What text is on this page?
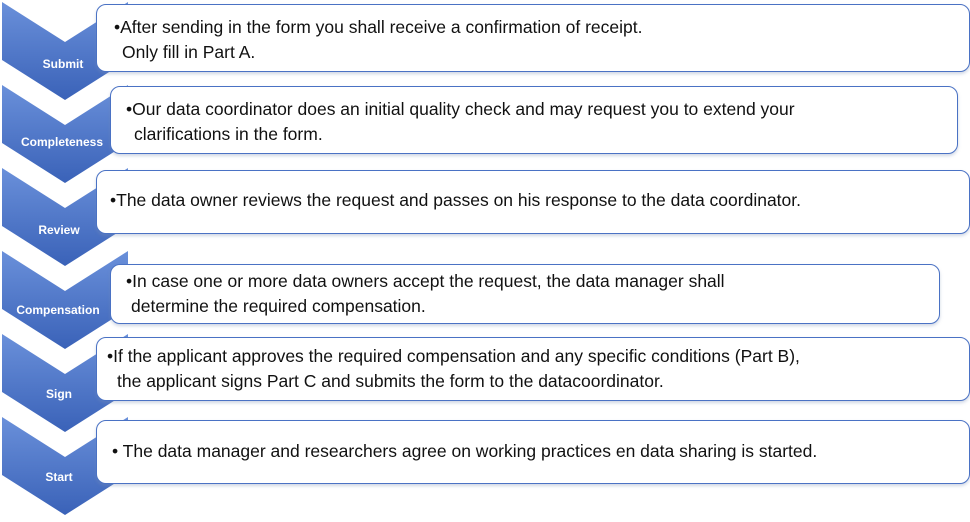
Submit
•After sending in the form you shall receive a confirmation of receipt.
Only fill in Part A.
Completeness
•Our data coordinator does an initial quality check and may request you to extend your
clarifications in the form.
Review
•The data owner reviews the request and passes on his response to the data coordinator.
Compensation
•In case one or more data owners accept the request, the data manager shall
determine the required compensation.
Sign
•If the applicant approves the required compensation and any specific conditions (Part B),
the applicant signs Part C and submits the form to the datacoordinator.
Start
• The data manager and researchers agree on working practices en data sharing is started.
